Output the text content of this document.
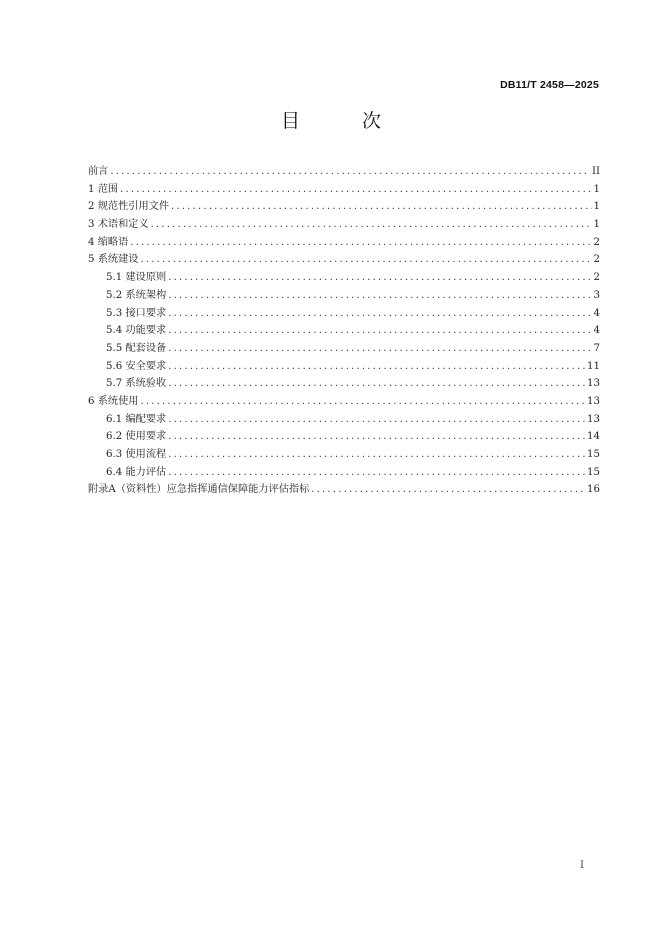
DB11/T 2458—2025
目 次
前言 .....	II
1 范围 .....	1
2 规范性引用文件 .....	1
3 术语和定义 .....	1
4 缩略语 .....	2
5 系统建设 .....	2
5.1 建设原则 .....	2
5.2 系统架构 .....	3
5.3 接口要求 .....	4
5.4 功能要求 .....	4
5.5 配套设备 .....	7
5.6 安全要求 .....	11
5.7 系统验收 .....	13
6 系统使用 .....	13
6.1 编配要求 .....	13
6.2 使用要求 .....	14
6.3 使用流程 .....	15
6.4 能力评估 .....	15
附录A（资料性）应急指挥通信保障能力评估指标 .....	16
I
